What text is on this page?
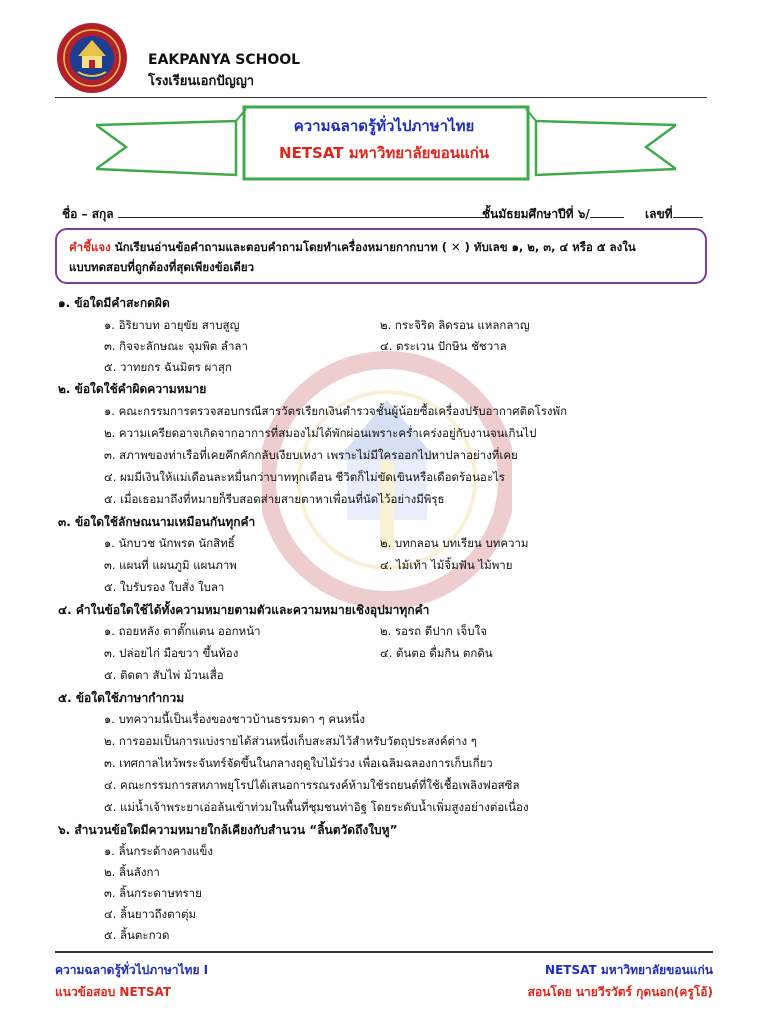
EAKPANYA SCHOOL
โรงเรียนเอกปัญญา
ความฉลาดรู้ทั่วไปภาษาไทย
NETSAT มหาวิทยาลัยขอนแก่น
ชื่อ – สกุล	ชั้นมัธยมศึกษาปีที่ ๖/	เลขที่
คำชี้แจง นักเรียนอ่านข้อคำถามและตอบคำถามโดยทำเครื่องหมายกากบาท ( ✕ ) ทับเลข ๑, ๒, ๓, ๔ หรือ ๕ ลงใน
แบบทดสอบที่ถูกต้องที่สุดเพียงข้อเดียว
๑. ข้อใดมีคำสะกดผิด
๑. อิริยาบท อายุขัย สาบสูญ	๒. กระจิริด ลิดรอน แหลกลาญ
๓. กิจจะลักษณะ จุมพิต ลำลา	๔. ตระเวน ปักษิน ชัชวาล
๕. วาทยกร ฉันมิตร ผาสุก
๒. ข้อใดใช้คำผิดความหมาย
๑. คณะกรรมการตรวจสอบกรณีสารวัตรเรียกเงินตำรวจชั้นผู้น้อยซื้อเครื่องปรับอากาศติดโรงพัก
๒. ความเครียดอาจเกิดจากอาการที่สมองไม่ได้พักผ่อนเพราะคร่ำเคร่งอยู่กับงานจนเกินไป
๓. สภาพของท่าเรือที่เคยคึกคักกลับเงียบเหงา เพราะไม่มีใครออกไปหาปลาอย่างที่เคย
๔. ผมมีเงินให้แม่เดือนละหมื่นกว่าบาททุกเดือน ชีวิตก็ไม่ขัดเขินหรือเดือดร้อนอะไร
๕. เมื่อเธอมาถึงที่หมายก็รีบสอดส่ายสายตาหาเพื่อนที่นัดไว้อย่างมีพิรุธ
๓. ข้อใดใช้ลักษณนามเหมือนกันทุกคำ
๑. นักบวช นักพรต นักสิทธิ์	๒. บทกลอน บทเรียน บทความ
๓. แผนที่ แผนภูมิ แผนภาพ	๔. ไม้เท้า ไม้จิ้มฟัน ไม้พาย
๕. ใบรับรอง ใบสั่ง ใบลา
๔. คำในข้อใดใช้ได้ทั้งความหมายตามตัวและความหมายเชิงอุปมาทุกคำ
๑. ถอยหลัง ตาตั๊กแตน ออกหน้า	๒. รอรถ ตีปาก เจ็บใจ
๓. ปล่อยไก่ มือขวา ขึ้นห้อง	๔. ต้นตอ ดื่มกิน ตกดิน
๕. ติดตา สับไพ่ ม้วนเสื่อ
๕. ข้อใดใช้ภาษากำกวม
๑. บทความนี้เป็นเรื่องของชาวบ้านธรรมดา ๆ คนหนึ่ง
๒. การออมเป็นการแบ่งรายได้ส่วนหนึ่งเก็บสะสมไว้สำหรับวัตถุประสงค์ต่าง ๆ
๓. เทศกาลไหว้พระจันทร์จัดขึ้นในกลางฤดูใบไม้ร่วง เพื่อเฉลิมฉลองการเก็บเกี่ยว
๔. คณะกรรมการสหภาพยุโรปได้เสนอการรณรงค์ห้ามใช้รถยนต์ที่ใช้เชื้อเพลิงฟอสซิล
๕. แม่น้ำเจ้าพระยาเอ่อล้นเข้าท่วมในพื้นที่ชุมชนท่าอิฐ โดยระดับน้ำเพิ่มสูงอย่างต่อเนื่อง
๖. สำนวนข้อใดมีความหมายใกล้เคียงกับสำนวน “ลิ้นตวัดถึงใบหู”
๑. ลิ้นกระด้างคางแข็ง
๒. ลิ้นลังกา
๓. ลิ้นกระดาษทราย
๔. ลิ้นยาวถึงตาตุ่ม
๕. ลิ้นตะกวด
ความฉลาดรู้ทั่วไปภาษาไทย I
แนวข้อสอบ NETSAT
NETSAT มหาวิทยาลัยขอนแก่น
สอนโดย นายวีรวัตร์ กุดนอก(ครูโอ้)
